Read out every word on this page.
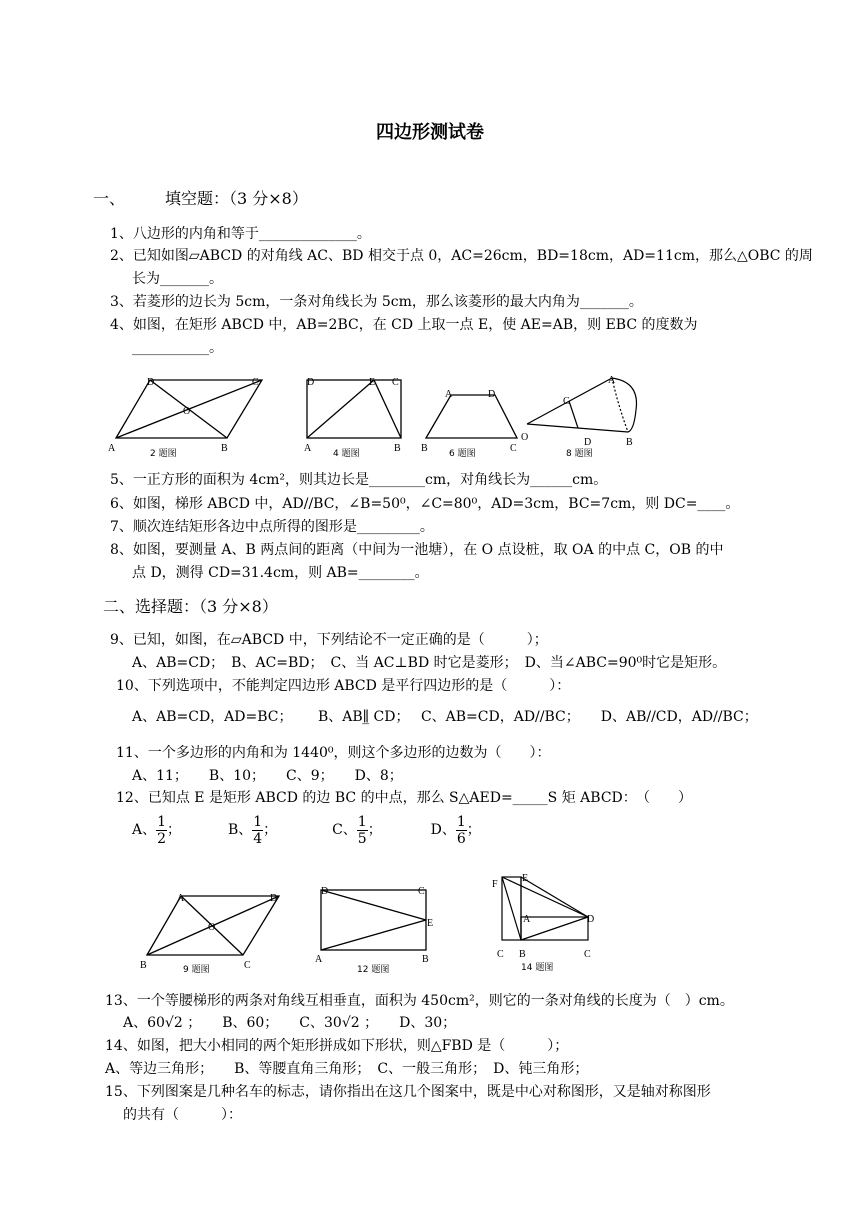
四边形测试卷
一、 填空题：（3 分×8）
1、八边形的内角和等于______________。
2、已知如图▱ABCD 的对角线 AC、BD 相交于点 0，AC=26cm，BD=18cm，AD=11cm，那么△OBC 的周
长为_______。
3、若菱形的边长为 5cm，一条对角线长为 5cm，那么该菱形的最大内角为_______。
4、如图，在矩形 ABCD 中，AB=2BC，在 CD 上取一点 E，使 AE=AB，则 EBC 的度数为
___________。
D	C
O
A	B
2 题图
D	E C
A	B
4 题图
A	D
B	C
6 题图
A
C
O	D	B
8 题图
5、一正方形的面积为 4cm²，则其边长是________cm，对角线长为______cm。
6、如图，梯形 ABCD 中，AD//BC，∠B=50⁰，∠C=80⁰，AD=3cm，BC=7cm，则 DC=____。
7、顺次连结矩形各边中点所得的图形是_________。
8、如图，要测量 A、B 两点间的距离（中间为一池塘），在 O 点设桩，取 OA 的中点 C，OB 的中
点 D，测得 CD=31.4cm，则 AB=________。
二、选择题：（3 分×8）
9、已知，如图，在▱ABCD 中，下列结论不一定正确的是（　　　）；
A、AB=CD；　B、AC=BD；　C、当 AC⊥BD 时它是菱形；　D、当∠ABC=90⁰时它是矩形。
10、下列选项中，不能判定四边形 ABCD 是平行四边形的是（　　　）：
A、AB=CD，AD=BC；　　 B、AB∥̲ CD；　 C、AB=CD，AD//BC；　　D、AB//CD，AD//BC；
11、一个多边形的内角和为 1440⁰，则这个多边形的边数为（　　）：
A、11；　　B、10；　　C、9；　　D、8；
12、已知点 E 是矩形 ABCD 的边 BC 的中点，那么 S△AED=_____S 矩 ABCD： （　　）
A、 $\frac{1}{2}$ ；	B、 $\frac{1}{4}$ ；	C、 $\frac{1}{5}$ ；	D、 $\frac{1}{6}$ ；
A	D
O
B	C
9 题图
D	C
E
A	B
12 题图
F
E
A	D
C B	C
14 题图
13、一个等腰梯形的两条对角线互相垂直，面积为 450cm²，则它的一条对角线的长度为（　）cm。
A、60√2 ；　　B、60；　　C、30√2 ；　　D、30；
14、如图，把大小相同的两个矩形拼成如下形状，则△FBD 是（　　　）；
A、等边三角形；　　B、等腰直角三角形；　C、一般三角形；　D、钝三角形；
15、下列图案是几种名车的标志，请你指出在这几个图案中，既是中心对称图形，又是轴对称图形
的共有（　　　）：
